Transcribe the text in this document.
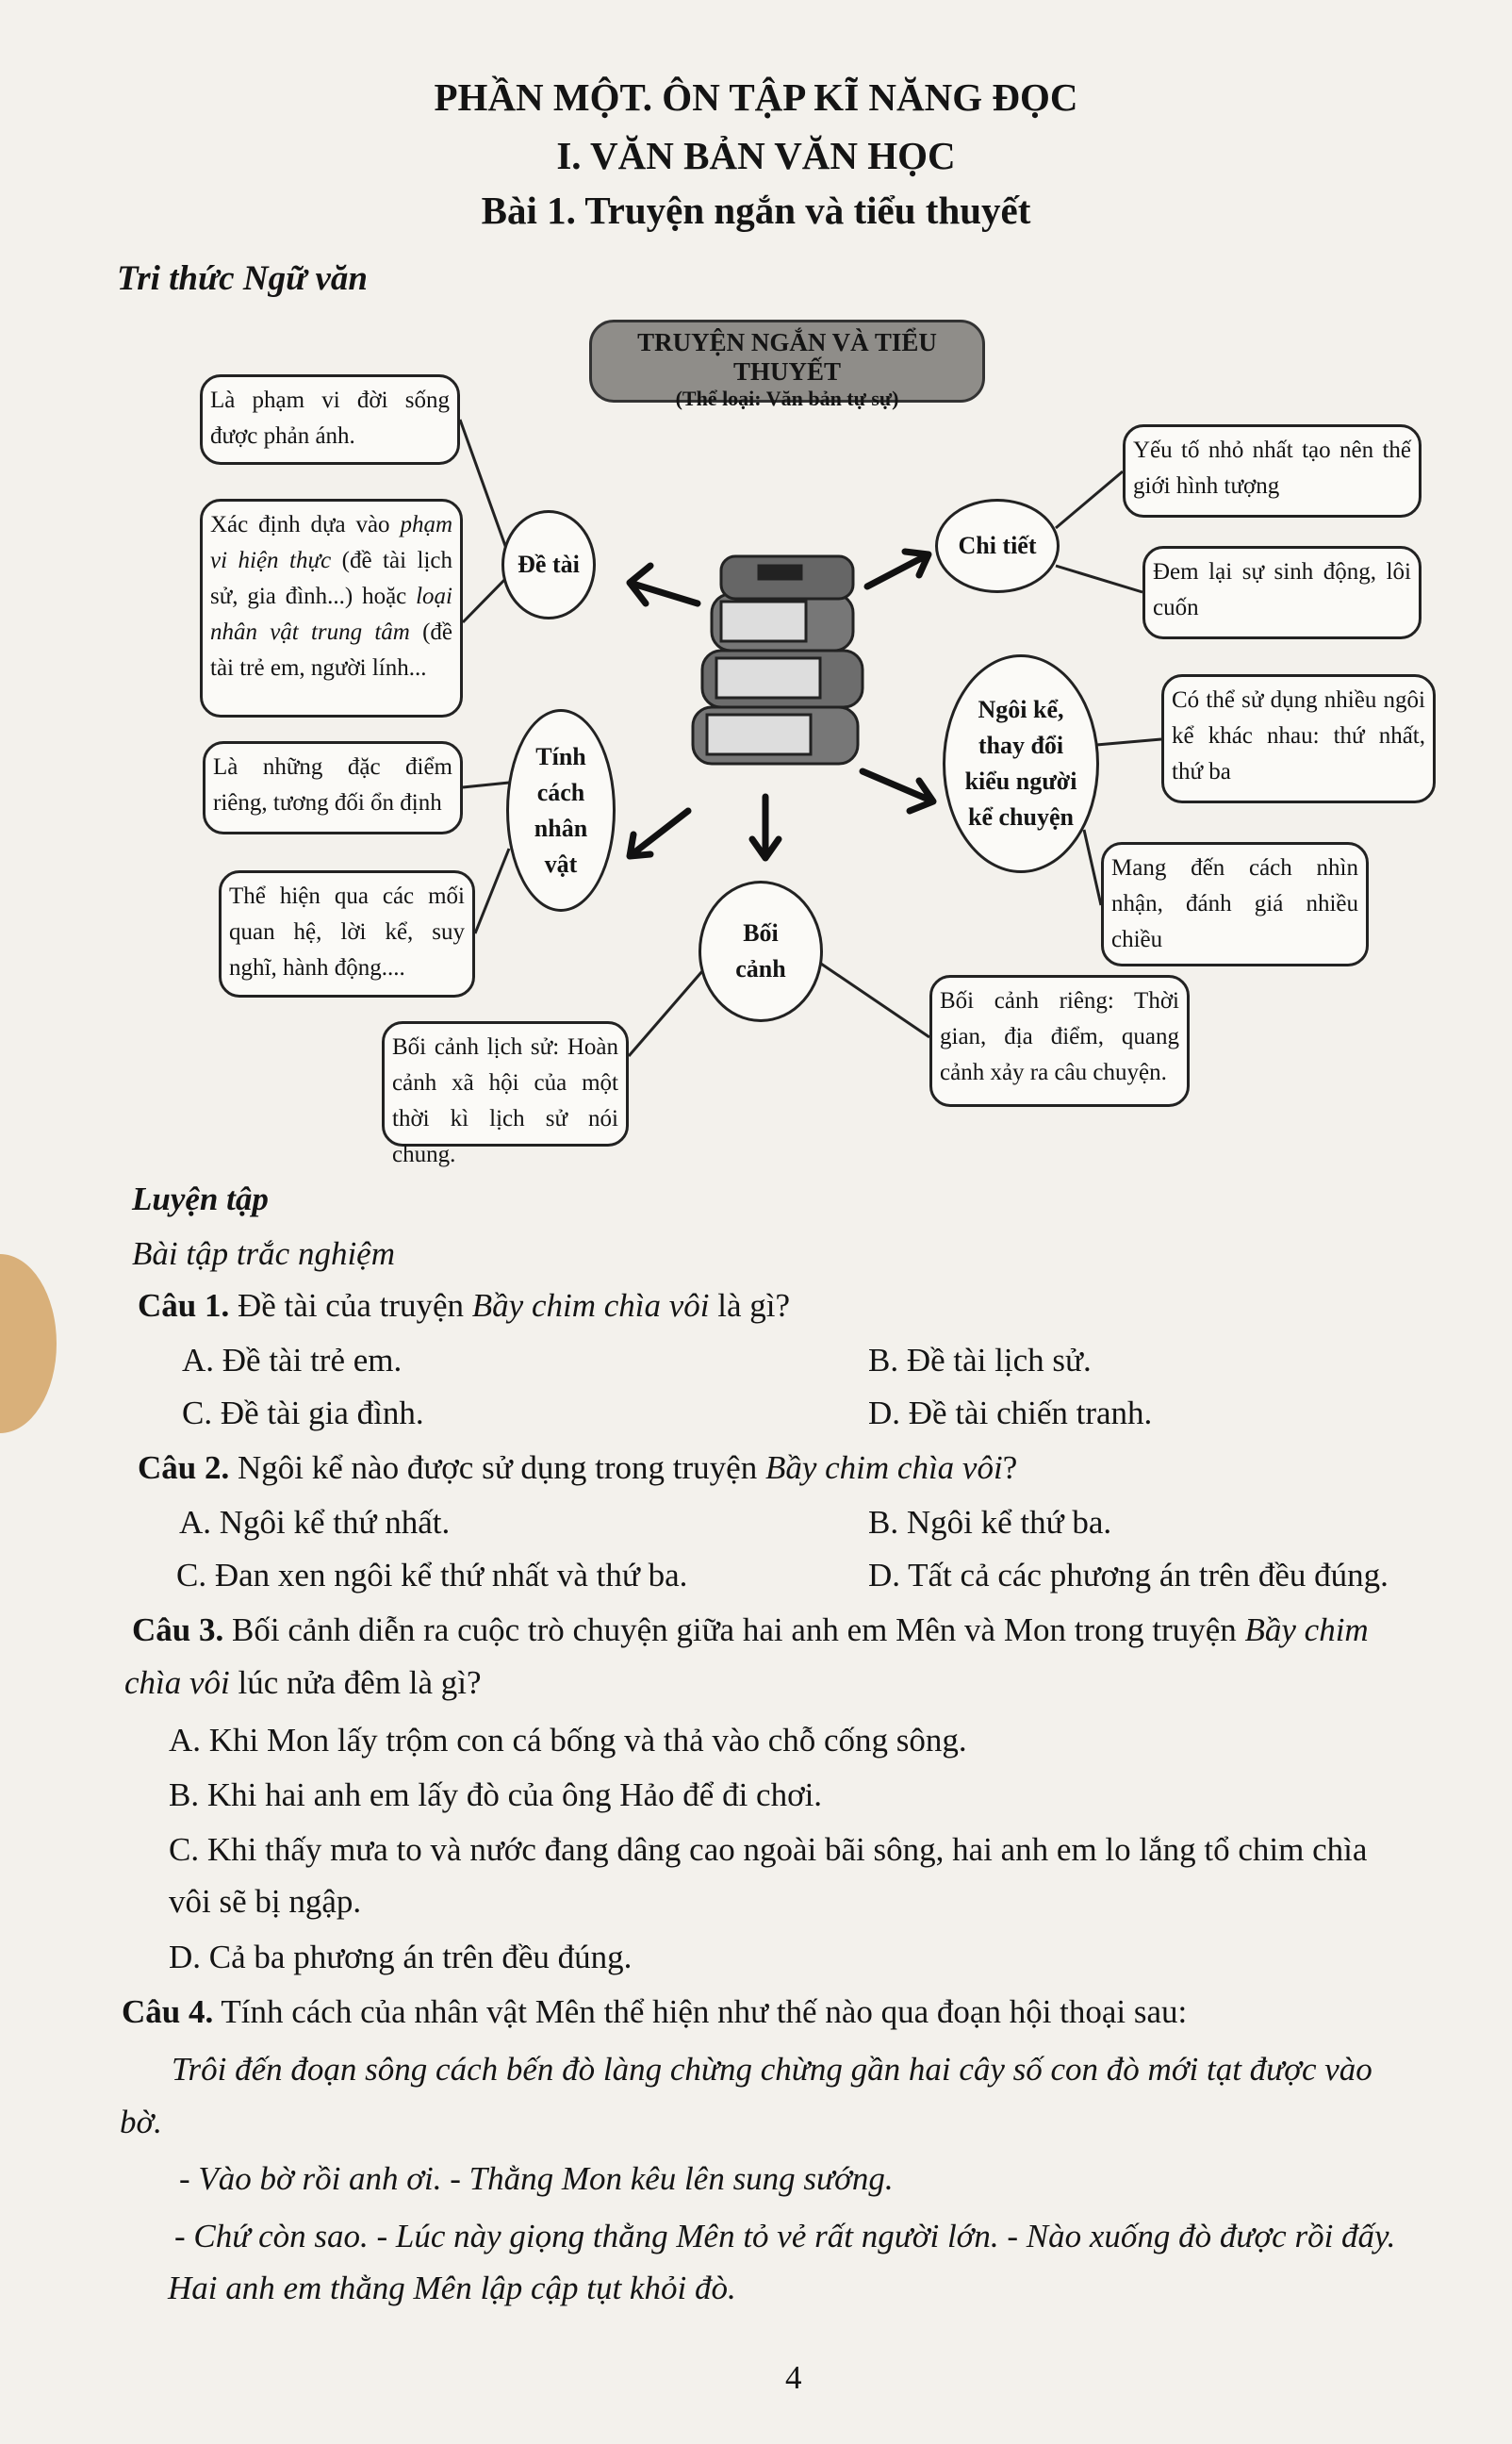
PHẦN MỘT. ÔN TẬP KĨ NĂNG ĐỌC
I. VĂN BẢN VĂN HỌC
Bài 1. Truyện ngắn và tiểu thuyết
Tri thức Ngữ văn
TRUYỆN NGẮN VÀ TIỂU THUYẾT
(Thể loại: Văn bản tự sự)
Đề tài
Là phạm vi đời sống được phản ánh.
Xác định dựa vào phạm vi hiện thực (đề tài lịch sử, gia đình...) hoặc loại nhân vật trung tâm (đề tài trẻ em, người lính...
Chi tiết
Yếu tố nhỏ nhất tạo nên thế giới hình tượng
Đem lại sự sinh động, lôi cuốn
Ngôi kể, thay đổi kiểu người kể chuyện
Có thể sử dụng nhiều ngôi kể khác nhau: thứ nhất, thứ ba
Mang đến cách nhìn nhận, đánh giá nhiều chiều
Tính cách nhân vật
Là những đặc điểm riêng, tương đối ổn định
Thể hiện qua các mối quan hệ, lời kể, suy nghĩ, hành động....
Bối cảnh
Bối cảnh lịch sử: Hoàn cảnh xã hội của một thời kì lịch sử nói chung.
Bối cảnh riêng: Thời gian, địa điểm, quang cảnh xảy ra câu chuyện.
Luyện tập
Bài tập trắc nghiệm
Câu 1. Đề tài của truyện Bầy chim chìa vôi là gì?
A. Đề tài trẻ em.	B. Đề tài lịch sử.
C. Đề tài gia đình.	D. Đề tài chiến tranh.
Câu 2. Ngôi kể nào được sử dụng trong truyện Bầy chim chìa vôi?
A. Ngôi kể thứ nhất.	B. Ngôi kể thứ ba.
C. Đan xen ngôi kể thứ nhất và thứ ba.	D. Tất cả các phương án trên đều đúng.
Câu 3. Bối cảnh diễn ra cuộc trò chuyện giữa hai anh em Mên và Mon trong truyện Bầy chim
chìa vôi lúc nửa đêm là gì?
A. Khi Mon lấy trộm con cá bống và thả vào chỗ cống sông.
B. Khi hai anh em lấy đò của ông Hảo để đi chơi.
C. Khi thấy mưa to và nước đang dâng cao ngoài bãi sông, hai anh em lo lắng tổ chim chìa
vôi sẽ bị ngập.
D. Cả ba phương án trên đều đúng.
Câu 4. Tính cách của nhân vật Mên thể hiện như thế nào qua đoạn hội thoại sau:
Trôi đến đoạn sông cách bến đò làng chừng chừng gần hai cây số con đò mới tạt được vào
bờ.
- Vào bờ rồi anh ơi. - Thằng Mon kêu lên sung sướng.
- Chứ còn sao. - Lúc này giọng thằng Mên tỏ vẻ rất người lớn. - Nào xuống đò được rồi đấy.
Hai anh em thằng Mên lập cập tụt khỏi đò.
4
